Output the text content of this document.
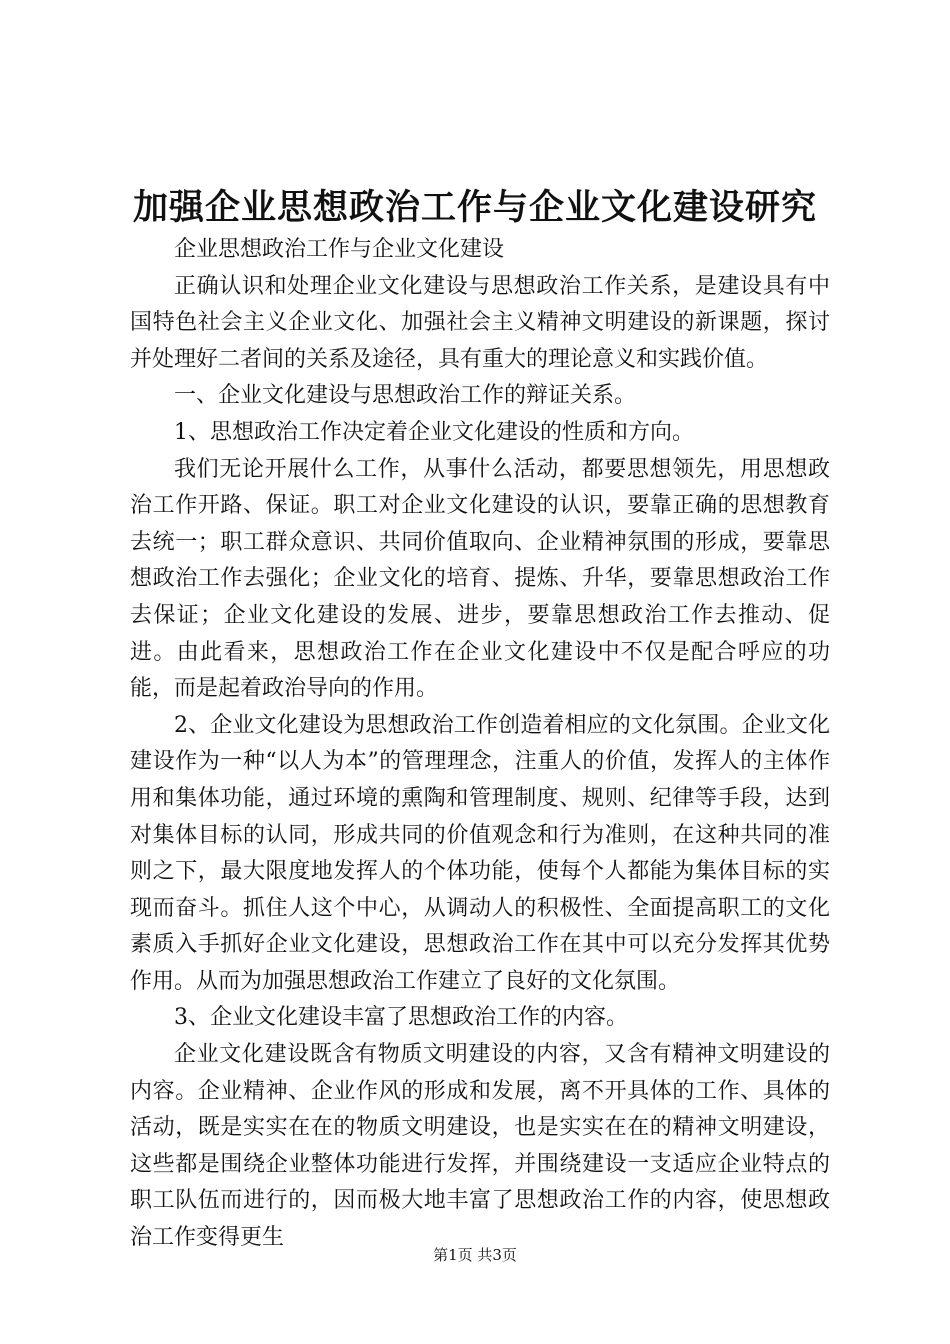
加强企业思想政治工作与企业文化建设研究

企业思想政治工作与企业文化建设

正确认识和处理企业文化建设与思想政治工作关系，是建设具有中国特色社会主义企业文化、加强社会主义精神文明建设的新课题，探讨并处理好二者间的关系及途径，具有重大的理论意义和实践价值。

一、企业文化建设与思想政治工作的辩证关系。

1、思想政治工作决定着企业文化建设的性质和方向。

我们无论开展什么工作，从事什么活动，都要思想领先，用思想政治工作开路、保证。职工对企业文化建设的认识，要靠正确的思想教育去统一；职工群众意识、共同价值取向、企业精神氛围的形成，要靠思想政治工作去强化；企业文化的培育、提炼、升华，要靠思想政治工作去保证；企业文化建设的发展、进步，要靠思想政治工作去推动、促进。由此看来，思想政治工作在企业文化建设中不仅是配合呼应的功能，而是起着政治导向的作用。

2、企业文化建设为思想政治工作创造着相应的文化氛围。企业文化建设作为一种“以人为本”的管理理念，注重人的价值，发挥人的主体作用和集体功能，通过环境的熏陶和管理制度、规则、纪律等手段，达到对集体目标的认同，形成共同的价值观念和行为准则，在这种共同的准则之下，最大限度地发挥人的个体功能，使每个人都能为集体目标的实现而奋斗。抓住人这个中心，从调动人的积极性、全面提高职工的文化素质入手抓好企业文化建设，思想政治工作在其中可以充分发挥其优势作用。从而为加强思想政治工作建立了良好的文化氛围。

3、企业文化建设丰富了思想政治工作的内容。

企业文化建设既含有物质文明建设的内容，又含有精神文明建设的内容。企业精神、企业作风的形成和发展，离不开具体的工作、具体的活动，既是实实在在的物质文明建设，也是实实在在的精神文明建设，这些都是围绕企业整体功能进行发挥，并围绕建设一支适应企业特点的职工队伍而进行的，因而极大地丰富了思想政治工作的内容，使思想政治工作变得更生

第1页 共3页
